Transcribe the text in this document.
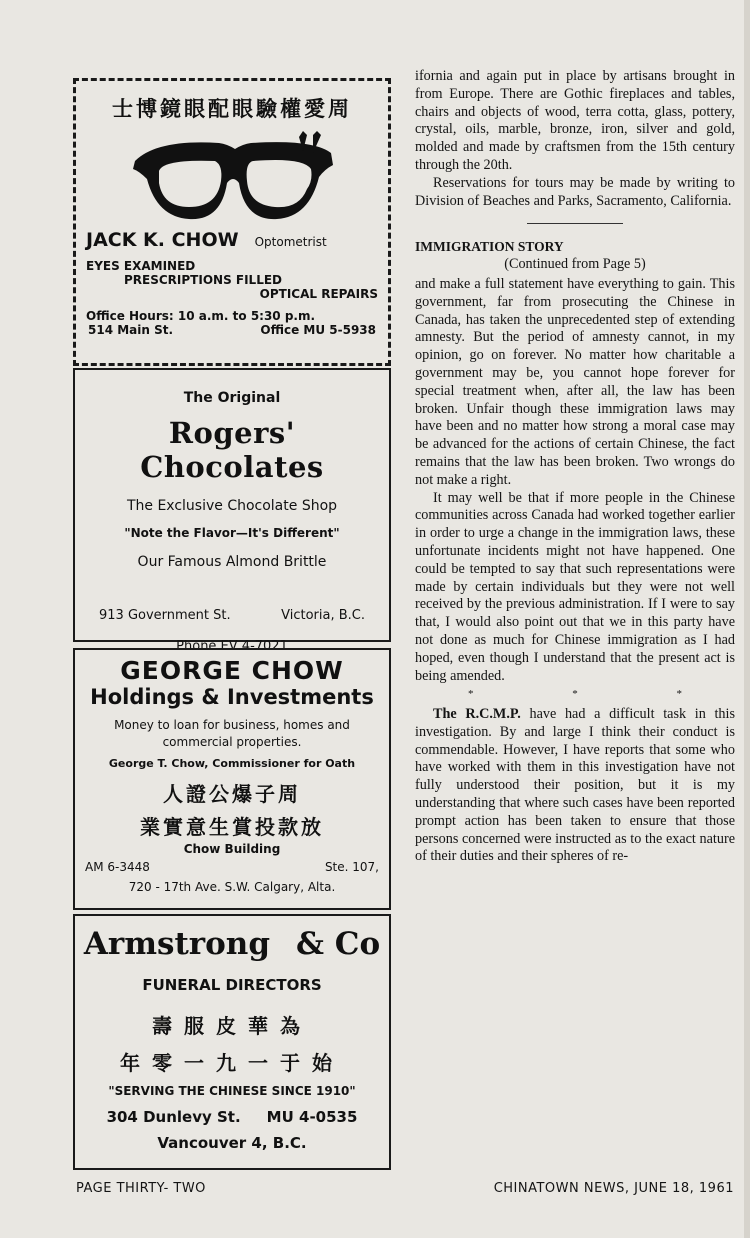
士博鏡眼配眼驗權愛周
JACK K. CHOW Optometrist
EYES EXAMINED
PRESCRIPTIONS FILLED
OPTICAL REPAIRS
Office Hours: 10 a.m. to 5:30 p.m.
514 Main St.	Office MU 5-5938
The Original
Rogers' Chocolates
The Exclusive Chocolate Shop
"Note the Flavor—It's Different"
Our Famous Almond Brittle
913 Government St.	Victoria, B.C.
Phone EV 4-7021
GEORGE CHOW
Holdings & Investments
Money to loan for business, homes and commercial properties.
George T. Chow, Commissioner for Oath
人證公爆子周
業實意生賞投款放
Chow Building
AM 6-3448	Ste. 107,
720 - 17th Ave. S.W. Calgary, Alta.
Armstrong & Co
FUNERAL DIRECTORS
壽服皮華為
年零一九一于始
"SERVING THE CHINESE SINCE 1910"
304 Dunlevy St. MU 4-0535
Vancouver 4, B.C.

ifornia and again put in place by artisans brought in from Europe. There are Gothic fireplaces and tables, chairs and objects of wood, terra cotta, glass, pottery, crystal, oils, marble, bronze, iron, silver and gold, molded and made by craftsmen from the 15th century through the 20th.

Reservations for tours may be made by writing to Division of Beaches and Parks, Sacramento, California.

IMMIGRATION STORY
(Continued from Page 5)

and make a full statement have everything to gain. This government, far from prosecuting the Chinese in Canada, has taken the unprecedented step of extending amnesty. But the period of amnesty cannot, in my opinion, go on forever. No matter how charitable a government may be, you cannot hope forever for special treatment when, after all, the law has been broken. Unfair though these immigration laws may have been and no matter how strong a moral case may be advanced for the actions of certain Chinese, the fact remains that the law has been broken. Two wrongs do not make a right.

It may well be that if more people in the Chinese communities across Canada had worked together earlier in order to urge a change in the immigration laws, these unfortunate incidents might not have happened. One could be tempted to say that such representations were made by certain individuals but they were not well received by the previous administration. If I were to say that, I would also point out that we in this party have not done as much for Chinese immigration as I had hoped, even though I understand that the present act is being amended.

* * *

The R.C.M.P. have had a difficult task in this investigation. By and large I think their conduct is commendable. However, I have reports that some who have worked with them in this investigation have not fully understood their position, but it is my understanding that where such cases have been reported prompt action has been taken to ensure that those persons concerned were instructed as to the exact nature of their duties and their spheres of re-

PAGE THIRTY- TWO	CHINATOWN NEWS, JUNE 18, 1961
